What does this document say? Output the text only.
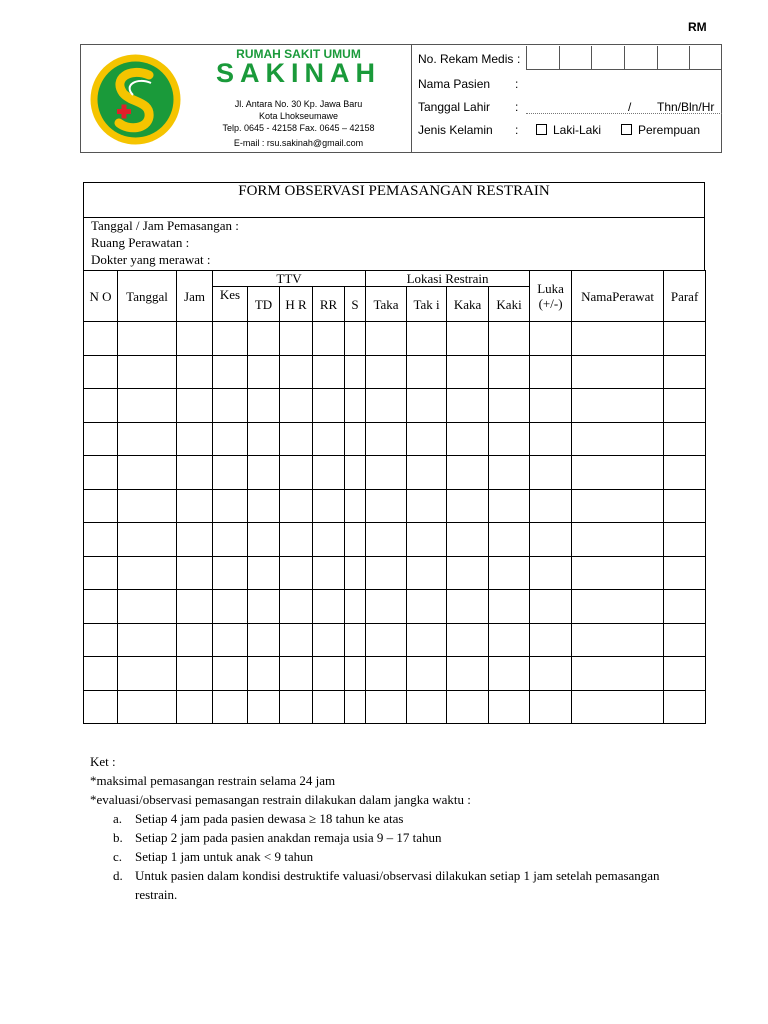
RM
RUMAH SAKIT UMUM
SAKINAH
Jl. Antara No. 30 Kp. Jawa Baru
Kota Lhokseumawe
Telp. 0645 - 42158 Fax. 0645 – 42158
E-mail : rsu.sakinah@gmail.com
No. Rekam Medis :
Nama Pasien :
Tanggal Lahir :	/ Thn/Bln/Hr
Jenis Kelamin :	Laki-Laki	Perempuan
FORM OBSERVASI PEMASANGAN RESTRAIN
Tanggal / Jam Pemasangan :
Ruang Perawatan :
Dokter yang merawat :
N O	Tanggal	Jam	TTV					Lokasi Restrain				Luka (+/-)	NamaPerawat	Paraf
			Kes	TD	H R	RR	S	Taka	Tak i	Kaka	Kaki			

Ket :
*maksimal pemasangan restrain selama 24 jam
*evaluasi/observasi pemasangan restrain dilakukan dalam jangka waktu :
a. Setiap 4 jam pada pasien dewasa ≥ 18 tahun ke atas
b. Setiap 2 jam pada pasien anakdan remaja usia 9 – 17 tahun
c. Setiap 1 jam untuk anak < 9 tahun
d. Untuk pasien dalam kondisi destruktife valuasi/observasi dilakukan setiap 1 jam setelah pemasangan restrain.
